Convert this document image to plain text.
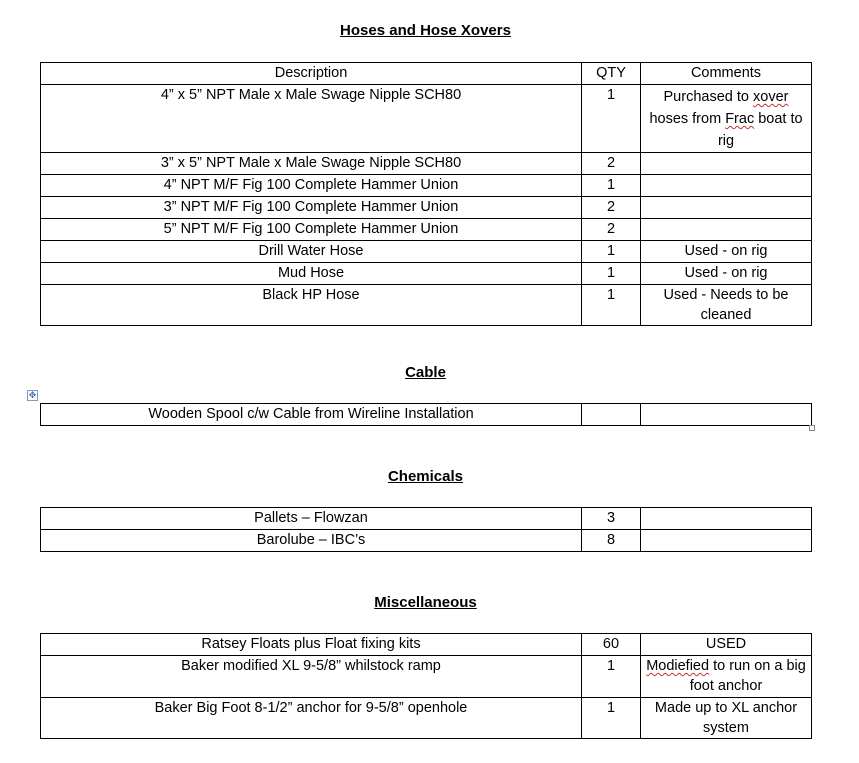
Hoses and Hose Xovers
Description	QTY	Comments
4” x 5” NPT Male x Male Swage Nipple SCH80	1	Purchased to xover hoses from Frac boat to rig
3” x 5” NPT Male x Male Swage Nipple SCH80	2	
4” NPT M/F Fig 100 Complete Hammer Union	1	
3” NPT M/F Fig 100 Complete Hammer Union	2	
5” NPT M/F Fig 100 Complete Hammer Union	2	
Drill Water Hose	1	Used - on rig
Mud Hose	1	Used - on rig
Black HP Hose	1	Used - Needs to be cleaned
Cable
✥
Wooden Spool c/w Cable from Wireline Installation		
Chemicals
Pallets – Flowzan	3	
Barolube – IBC’s	8	
Miscellaneous
Ratsey Floats plus Float fixing kits	60	USED
Baker modified XL 9-5/8” whilstock ramp	1	Modiefied to run on a big foot anchor
Baker Big Foot 8-1/2” anchor for 9-5/8” openhole	1	Made up to XL anchor system
